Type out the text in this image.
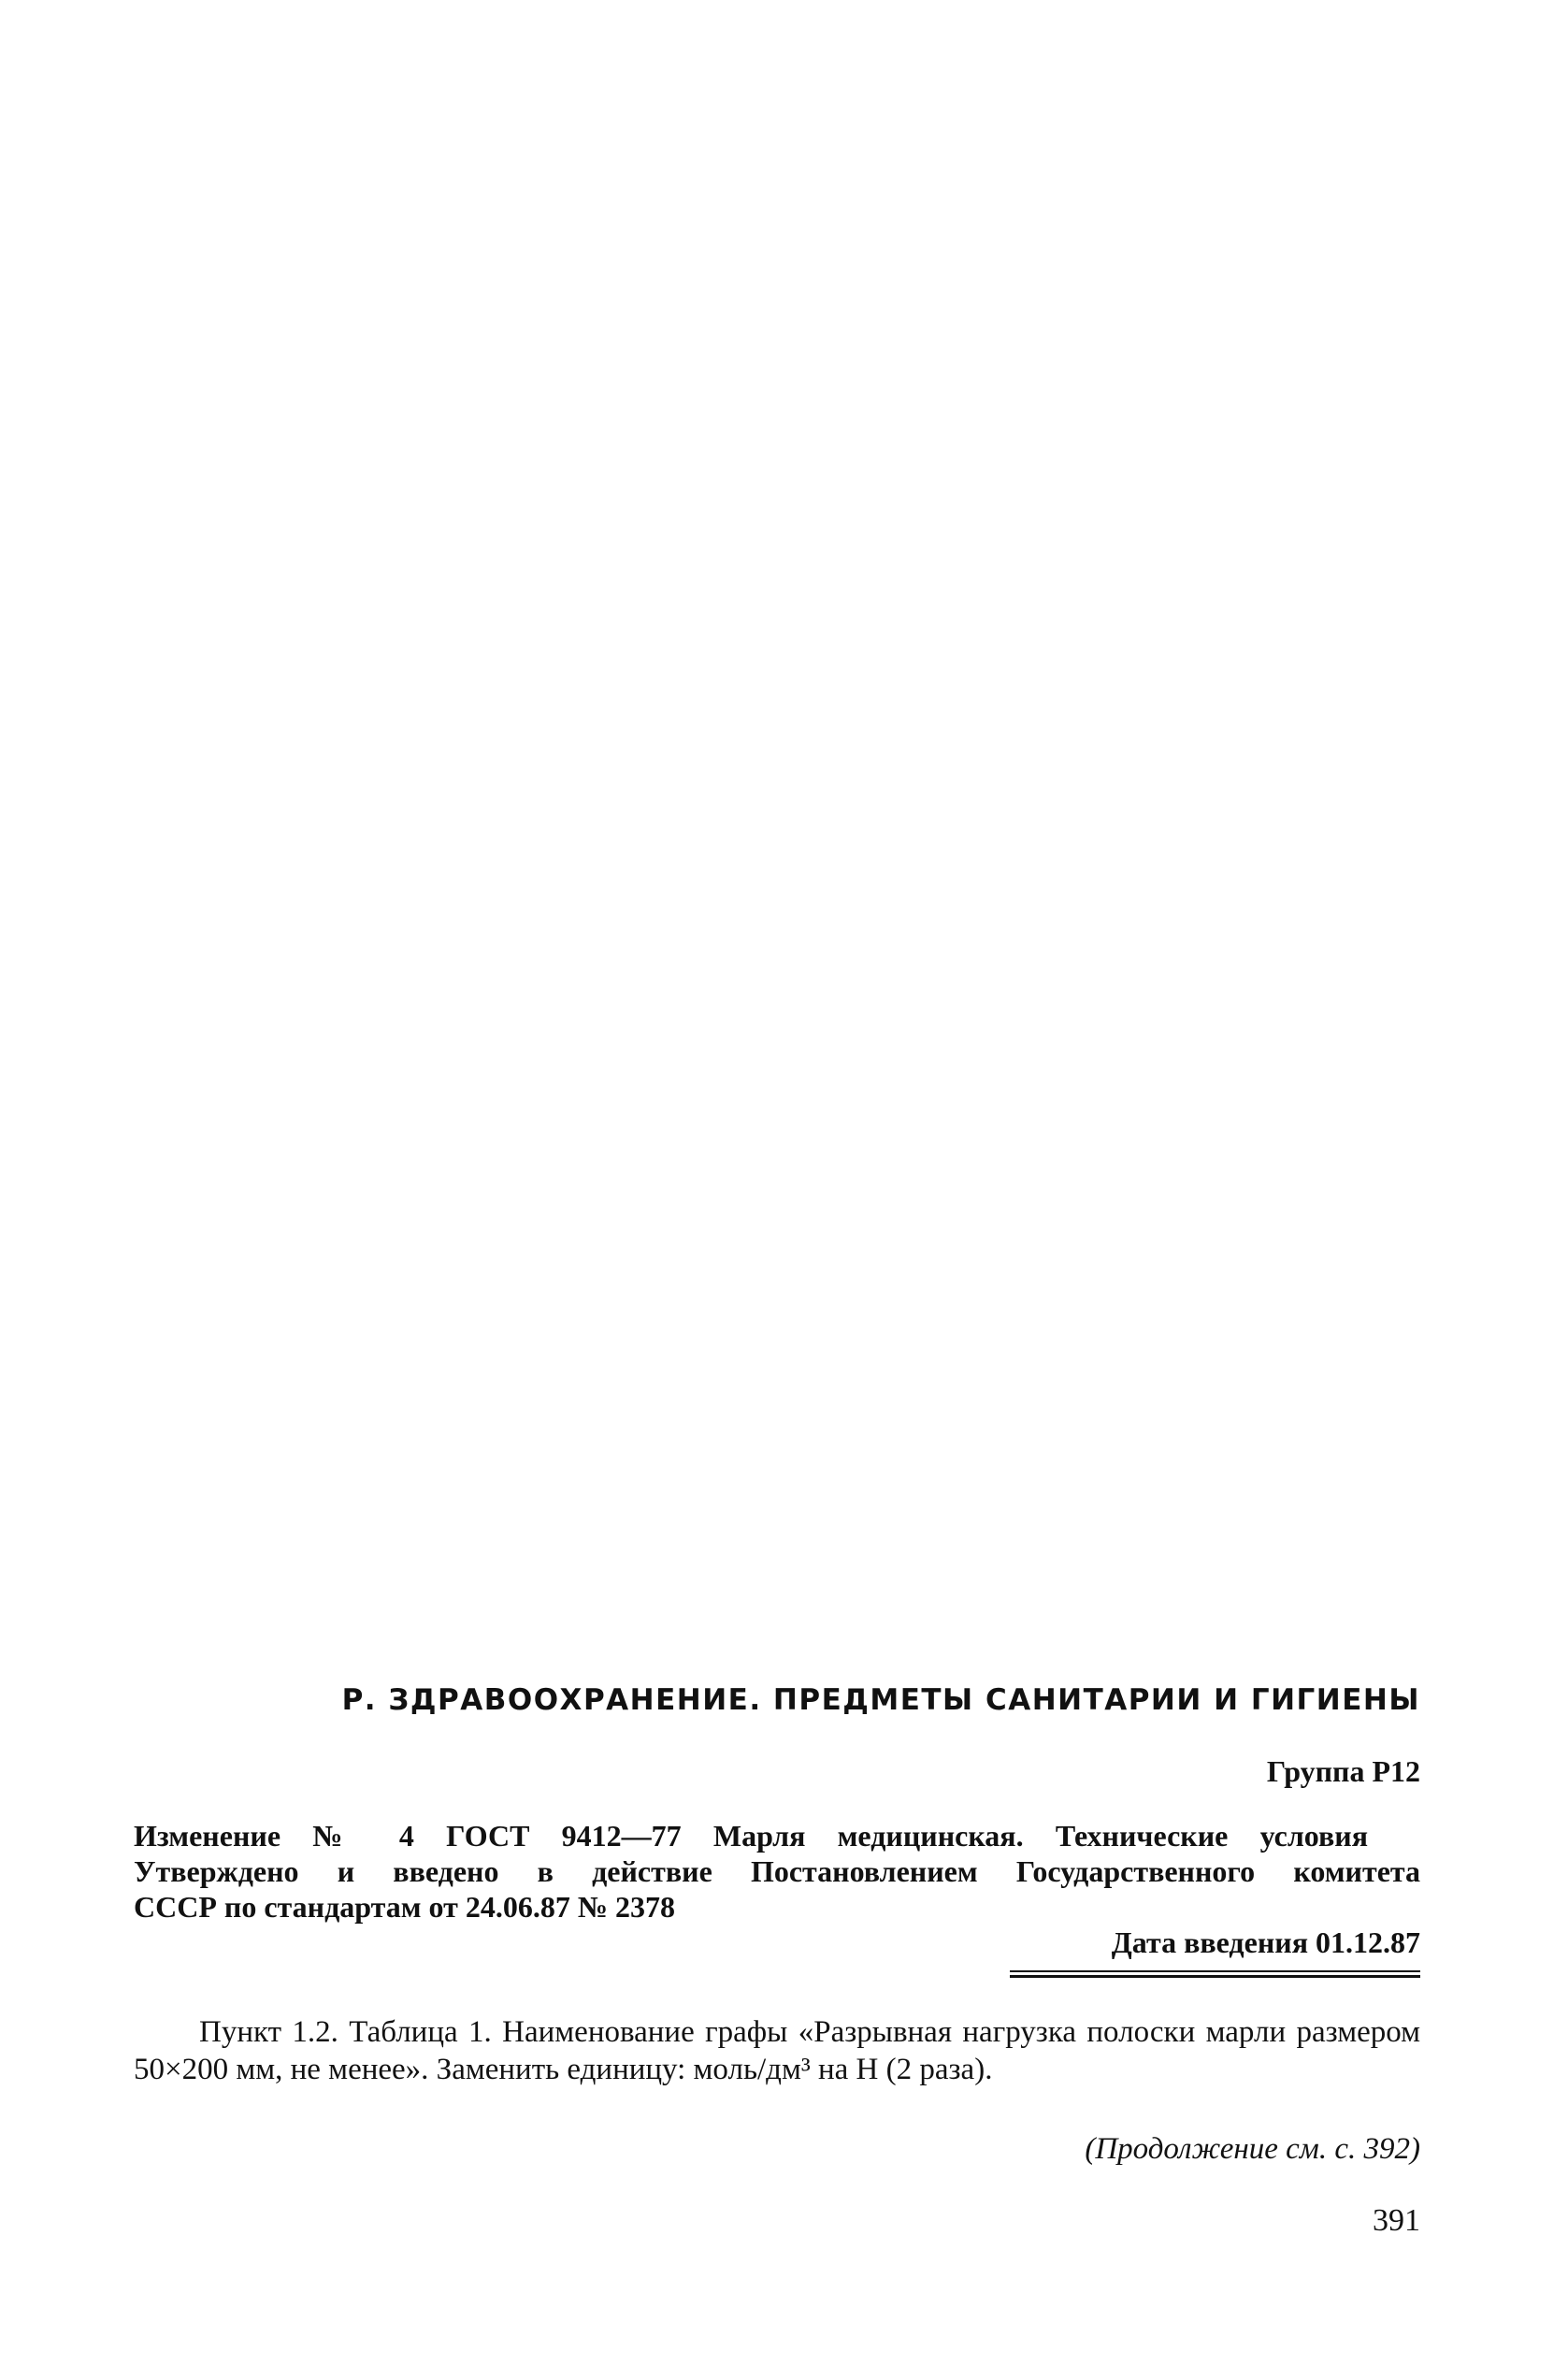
Р. ЗДРАВООХРАНЕНИЕ. ПРЕДМЕТЫ САНИТАРИИ И ГИГИЕНЫ
Группа Р12
Изменение № 4 ГОСТ 9412—77 Марля медицинская. Технические условия
Утверждено и введено в действие Постановлением Государственного комитета
СССР по стандартам от 24.06.87 № 2378
Дата введения 01.12.87
Пункт 1.2. Таблица 1. Наименование графы «Разрывная нагрузка полоски марли размером 50×200 мм, не менее». Заменить единицу: моль/дм³ на Н (2 раза).
(Продолжение см. с. 392)
391
